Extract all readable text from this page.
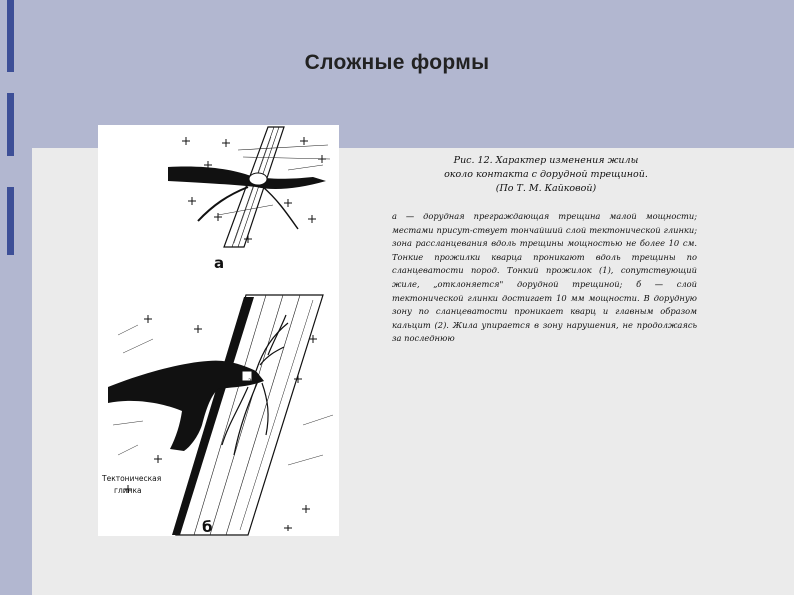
Сложные формы
а
2
Тектоническая
глинка
б
Рис. 12. Характер изменения жилы
около контакта с дорудной трещиной.
(По Т. М. Кайковой)
а — дорудная преграждающая трещина малой мощности; местами присут-ствует тончайший слой тектонической глинки; зона рассланцевания вдоль трещины мощностью не более 10 см. Тонкие прожилки кварца проникают вдоль трещины по сланцеватости пород. Тонкий прожилок (1), сопутствующий жиле, „отклоняется" дорудной трещиной; б — слой тектонической глинки достигает 10 мм мощности. В дорудную зону по сланцеватости проникает кварц и главным образом кальцит (2). Жила упирается в зону нарушения, не продолжаясь за последнюю
